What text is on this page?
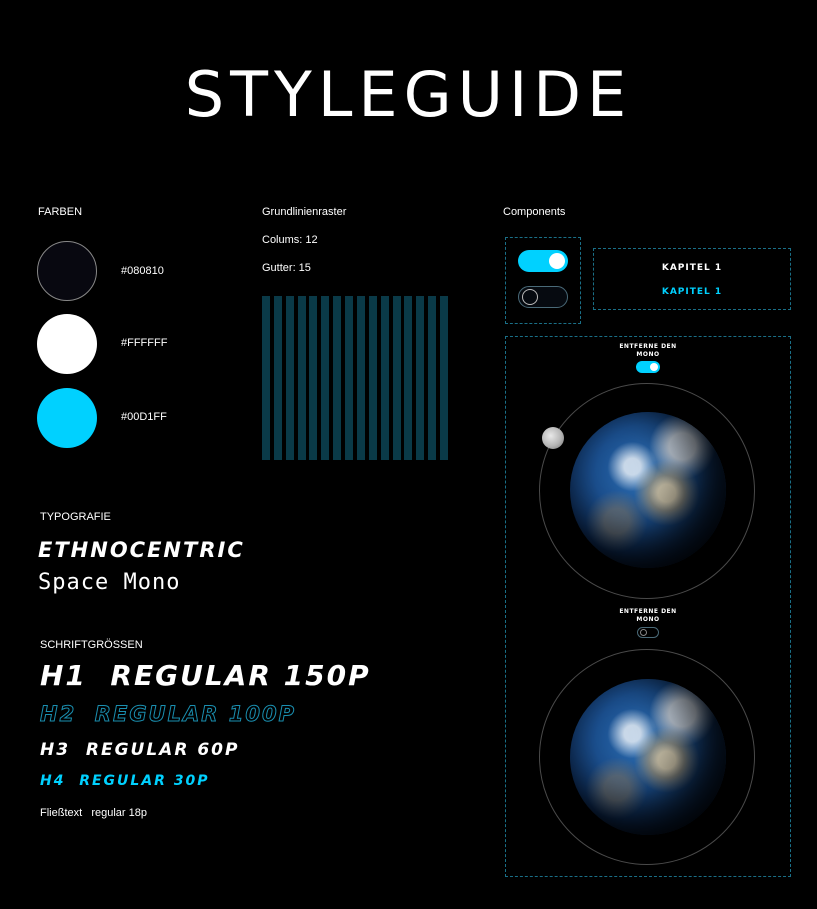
STYLEGUIDE
FARBEN
#080810
#FFFFFF
#00D1FF
Grundlinienraster
Colums: 12
Gutter: 15
Components
KAPITEL 1
KAPITEL 1
ENTFERNE DEN
MONO
ENTFERNE DEN
MONO
TYPOGRAFIE
ETHNOCENTRIC
Space Mono
SCHRIFTGRÖSSEN
H1  REGULAR 150P
H2  REGULAR 100P
H3  REGULAR 60P
H4  REGULAR 30P
Fließtext   regular 18p
